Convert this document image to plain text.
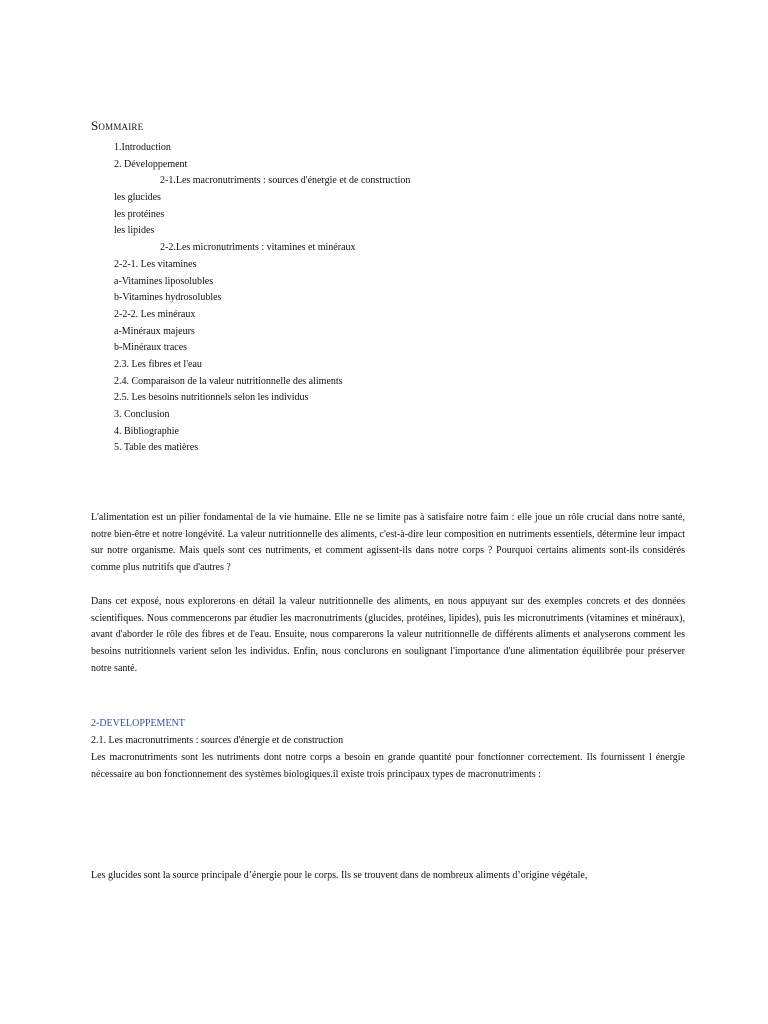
Sommaire
1.Introduction
2. Développement
2-1.Les macronutriments : sources d'énergie et de construction
les glucides
les protéines
les lipides
2-2.Les micronutriments : vitamines et minéraux
2-2-1. Les vitamines
a-Vitamines liposolubles
b-Vitamines hydrosolubles
2-2-2. Les minéraux
a-Minéraux majeurs
b-Minéraux traces
2.3. Les fibres et l'eau
2.4. Comparaison de la valeur nutritionnelle des aliments
2.5. Les besoins nutritionnels selon les individus
3. Conclusion
4. Bibliographie
5. Table des matières

L'alimentation est un pilier fondamental de la vie humaine. Elle ne se limite pas à satisfaire notre faim : elle joue un rôle crucial dans notre santé, notre bien-être et notre longévité. La valeur nutritionnelle des aliments, c'est-à-dire leur composition en nutriments essentiels, détermine leur impact sur notre organisme. Mais quels sont ces nutriments, et comment agissent-ils dans notre corps ? Pourquoi certains aliments sont-ils considérés comme plus nutritifs que d'autres ?

Dans cet exposé, nous explorerons en détail la valeur nutritionnelle des aliments, en nous appuyant sur des exemples concrets et des données scientifiques. Nous commencerons par étudier les macronutriments (glucides, protéines, lipides), puis les micronutriments (vitamines et minéraux), avant d'aborder le rôle des fibres et de l'eau. Ensuite, nous comparerons la valeur nutritionnelle de différents aliments et analyserons comment les besoins nutritionnels varient selon les individus. Enfin, nous conclurons en soulignant l'importance d'une alimentation équilibrée pour préserver notre santé.

2-DEVELOPPEMENT
2.1. Les macronutriments : sources d'énergie et de construction

Les macronutriments sont les nutriments dont notre corps a besoin en grande quantité pour fonctionner correctement. Ils fournissent l énergie nécessaire au bon fonctionnement des systèmes biologiques.il existe trois principaux types de macronutriments :

Les glucides sont la source principale d’énergie pour le corps. Ils se trouvent dans de nombreux aliments d’origine végétale,
